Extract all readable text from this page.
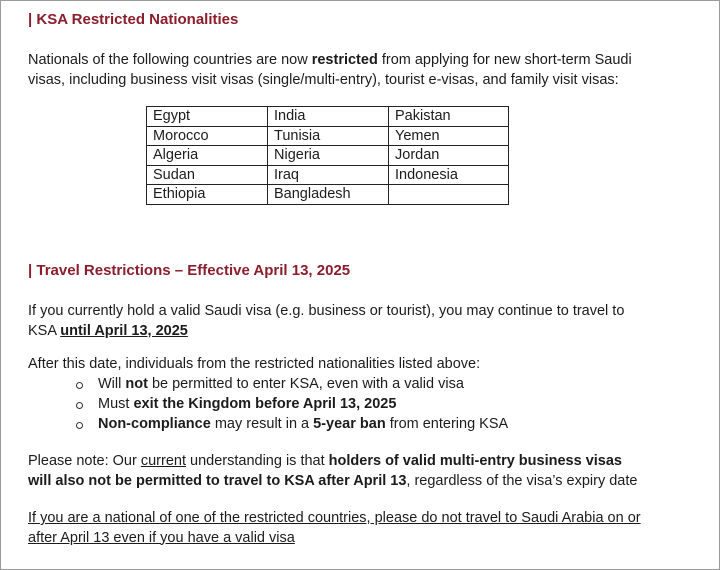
| KSA Restricted Nationalities
Nationals of the following countries are now restricted from applying for new short-term Saudi
visas, including business visit visas (single/multi-entry), tourist e-visas, and family visit visas:
Egypt	India	Pakistan
Morocco	Tunisia	Yemen
Algeria	Nigeria	Jordan
Sudan	Iraq	Indonesia
Ethiopia	Bangladesh	
| Travel Restrictions – Effective April 13, 2025
If you currently hold a valid Saudi visa (e.g. business or tourist), you may continue to travel to
KSA until April 13, 2025
After this date, individuals from the restricted nationalities listed above:
Will not be permitted to enter KSA, even with a valid visa
Must exit the Kingdom before April 13, 2025
Non-compliance may result in a 5-year ban from entering KSA
Please note: Our current understanding is that holders of valid multi-entry business visas
will also not be permitted to travel to KSA after April 13, regardless of the visa’s expiry date
If you are a national of one of the restricted countries, please do not travel to Saudi Arabia on or
after April 13 even if you have a valid visa
